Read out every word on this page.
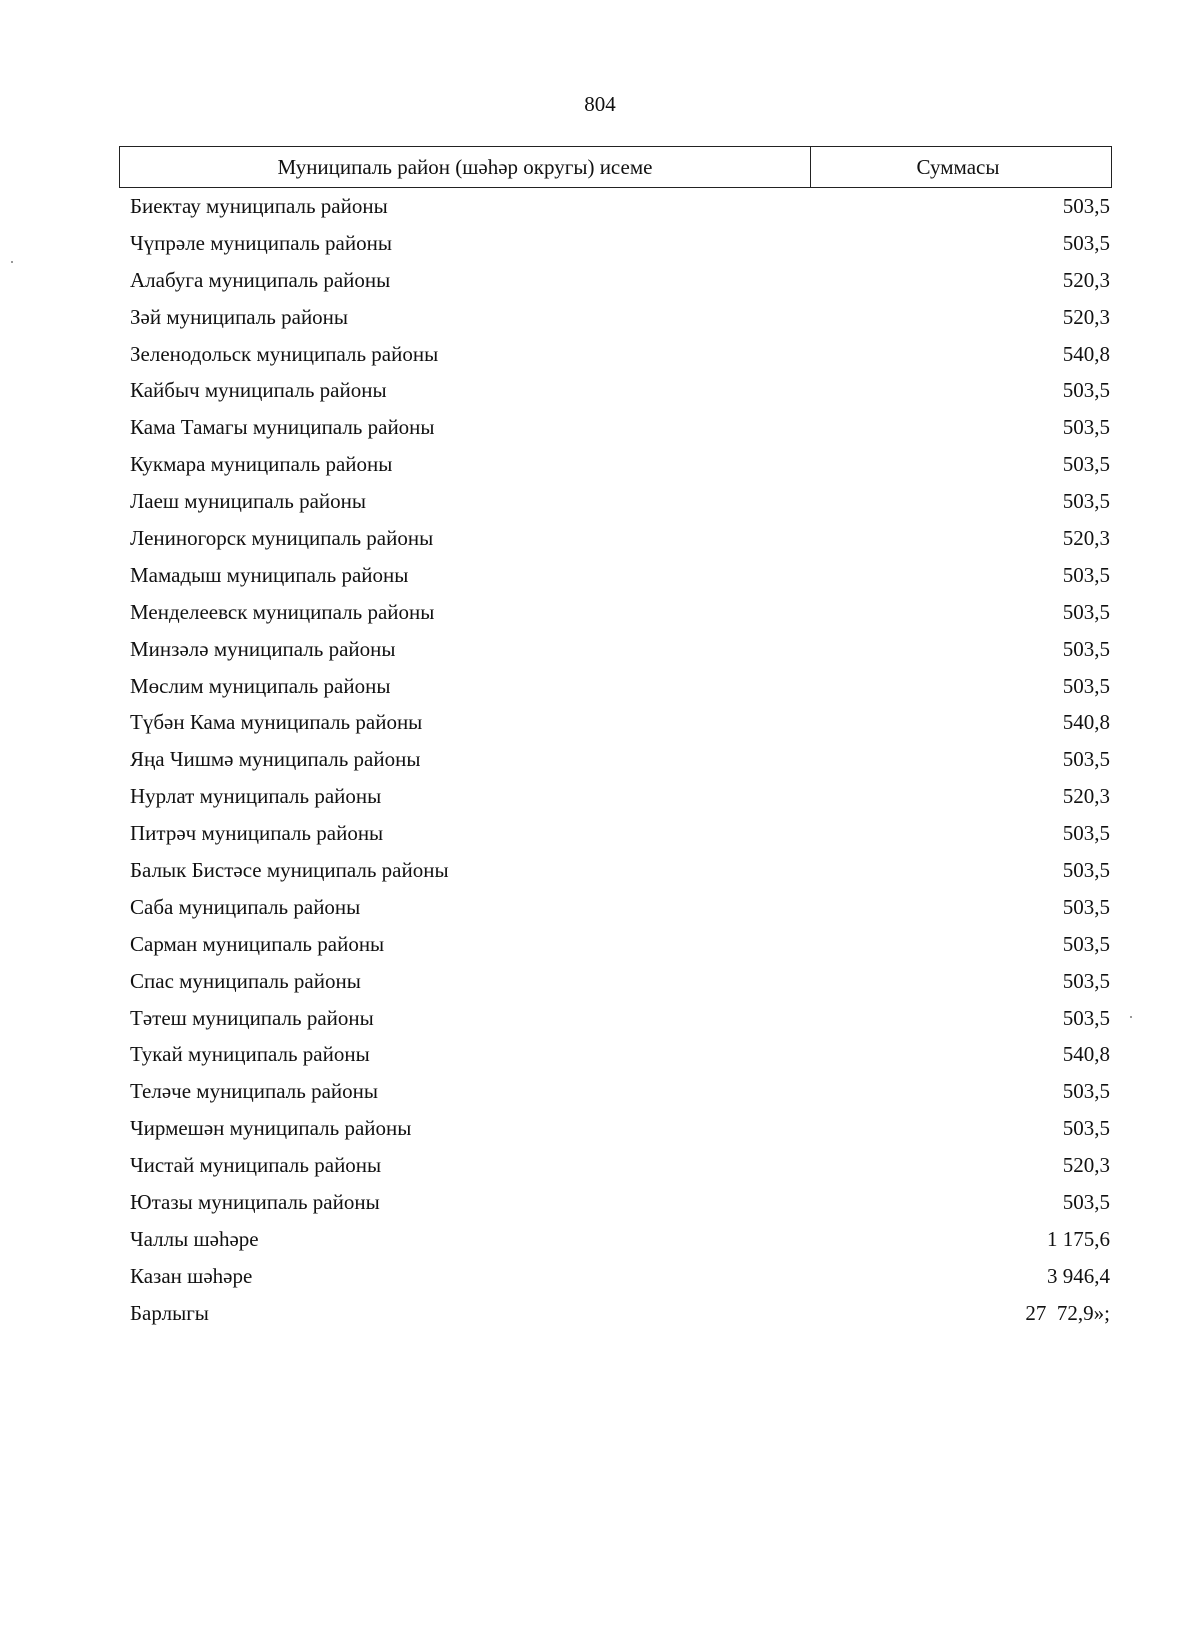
804
Муниципаль район (шәһәр округы) исеме	Суммасы
Биектау муниципаль районы	503,5
Чүпрәле муниципаль районы	503,5
Алабуга муниципаль районы	520,3
Зәй муниципаль районы	520,3
Зеленодольск муниципаль районы	540,8
Кайбыч муниципаль районы	503,5
Кама Тамагы муниципаль районы	503,5
Кукмара муниципаль районы	503,5
Лаеш муниципаль районы	503,5
Лениногорск муниципаль районы	520,3
Мамадыш муниципаль районы	503,5
Менделеевск муниципаль районы	503,5
Минзәлә муниципаль районы	503,5
Мөслим муниципаль районы	503,5
Түбән Кама муниципаль районы	540,8
Яңа Чишмә муниципаль районы	503,5
Нурлат муниципаль районы	520,3
Питрәч муниципаль районы	503,5
Балык Бистәсе муниципаль районы	503,5
Саба муниципаль районы	503,5
Сарман муниципаль районы	503,5
Спас муниципаль районы	503,5
Тәтеш муниципаль районы	503,5
Тукай муниципаль районы	540,8
Теләче муниципаль районы	503,5
Чирмешән муниципаль районы	503,5
Чистай муниципаль районы	520,3
Ютазы муниципаль районы	503,5
Чаллы шәһәре	1 175,6
Казан шәһәре	3 946,4
Барлыгы	27  72,9»;
